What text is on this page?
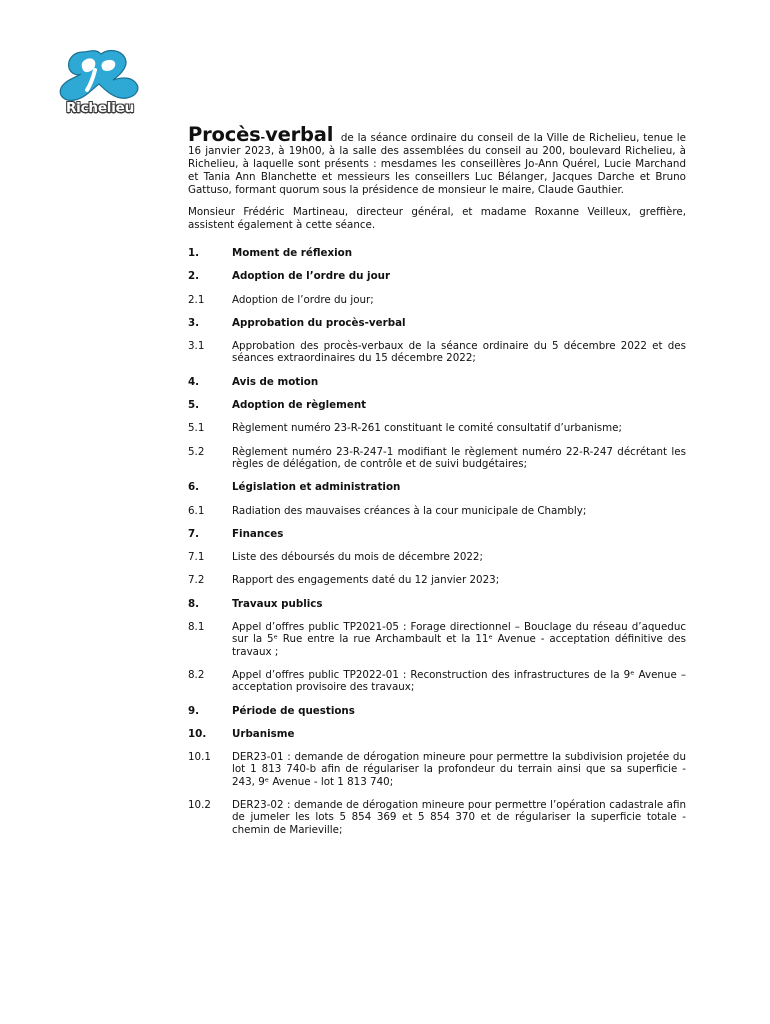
Richelieu

Procès-verbal de la séance ordinaire du conseil de la Ville de Richelieu, tenue le 16 janvier 2023, à 19h00, à la salle des assemblées du conseil au 200, boulevard Richelieu, à Richelieu, à laquelle sont présents : mesdames les conseillères Jo-Ann Quérel, Lucie Marchand et Tania Ann Blanchette et messieurs les conseillers Luc Bélanger, Jacques Darche et Bruno Gattuso, formant quorum sous la présidence de monsieur le maire, Claude Gauthier.

Monsieur Frédéric Martineau, directeur général, et madame Roxanne Veilleux, greffière, assistent également à cette séance.

1.	Moment de réflexion
2.	Adoption de l’ordre du jour
2.1	Adoption de l’ordre du jour;
3.	Approbation du procès-verbal
3.1	Approbation des procès-verbaux de la séance ordinaire du 5 décembre 2022 et des séances extraordinaires du 15 décembre 2022;
4.	Avis de motion
5.	Adoption de règlement
5.1	Règlement numéro 23-R-261 constituant le comité consultatif d’urbanisme;
5.2	Règlement numéro 23-R-247-1 modifiant le règlement numéro 22-R-247 décrétant les règles de délégation, de contrôle et de suivi budgétaires;
6.	Législation et administration
6.1	Radiation des mauvaises créances à la cour municipale de Chambly;
7.	Finances
7.1	Liste des déboursés du mois de décembre 2022;
7.2	Rapport des engagements daté du 12 janvier 2023;
8.	Travaux publics
8.1	Appel d’offres public TP2021-05 : Forage directionnel – Bouclage du réseau d’aqueduc sur la 5ᵉ Rue entre la rue Archambault et la 11ᵉ Avenue - acceptation définitive des travaux ;
8.2	Appel d’offres public TP2022-01 : Reconstruction des infrastructures de la 9ᵉ Avenue – acceptation provisoire des travaux;
9.	Période de questions
10.	Urbanisme
10.1	DER23-01 : demande de dérogation mineure pour permettre la subdivision projetée du lot 1 813 740-b afin de régulariser la profondeur du terrain ainsi que sa superficie - 243, 9ᵉ Avenue - lot 1 813 740;
10.2	DER23-02 : demande de dérogation mineure pour permettre l’opération cadastrale afin de jumeler les lots 5 854 369 et 5 854 370 et de régulariser la superficie totale - chemin de Marieville;
